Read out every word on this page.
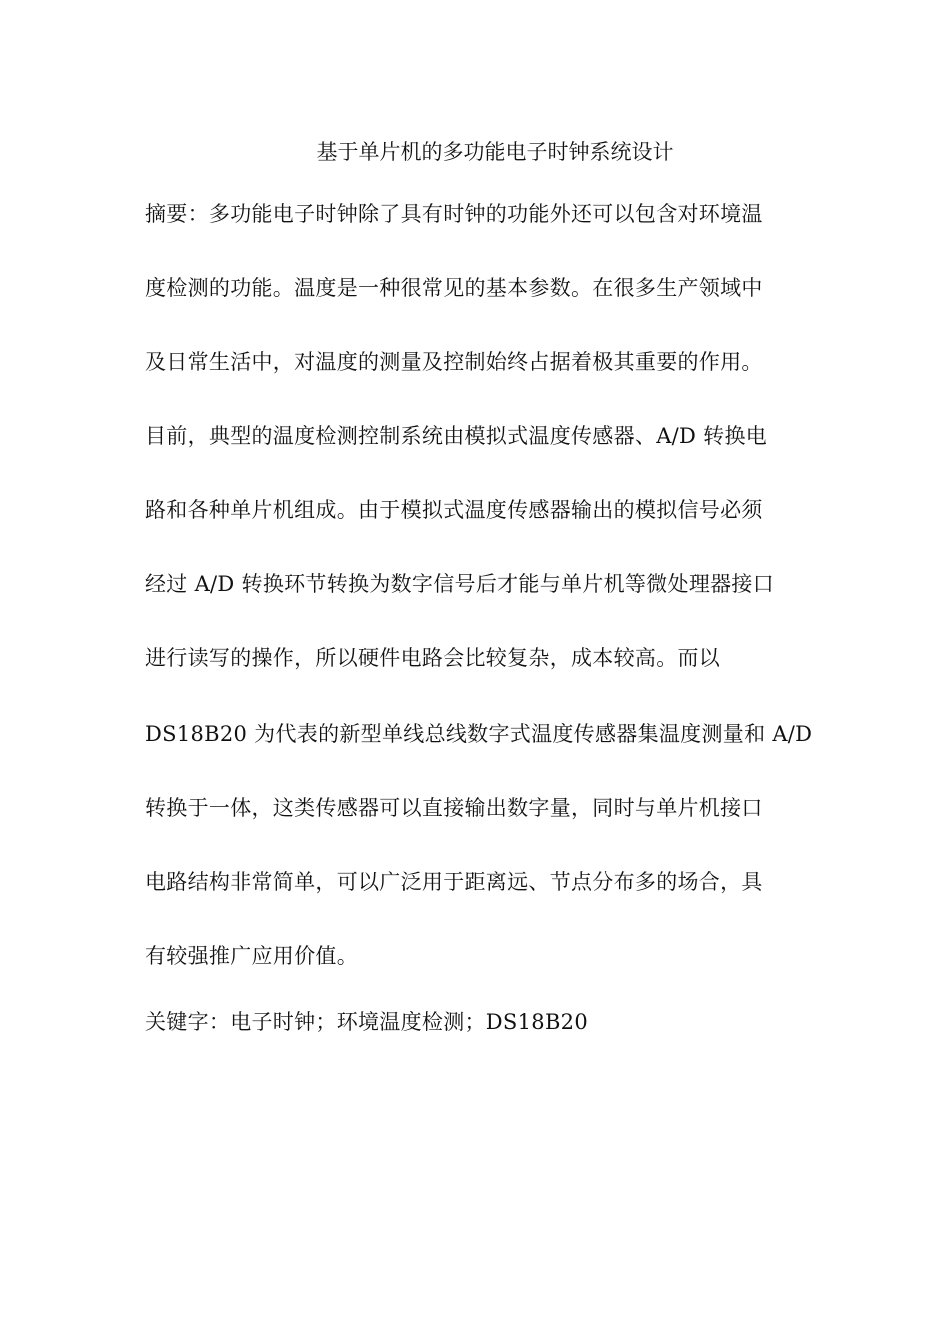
基于单片机的多功能电子时钟系统设计
摘要：多功能电子时钟除了具有时钟的功能外还可以包含对环境温
度检测的功能。温度是一种很常见的基本参数。在很多生产领域中
及日常生活中，对温度的测量及控制始终占据着极其重要的作用。
目前，典型的温度检测控制系统由模拟式温度传感器、A/D 转换电
路和各种单片机组成。由于模拟式温度传感器输出的模拟信号必须
经过 A/D 转换环节转换为数字信号后才能与单片机等微处理器接口
进行读写的操作，所以硬件电路会比较复杂，成本较高。而以
DS18B20 为代表的新型单线总线数字式温度传感器集温度测量和 A/D
转换于一体，这类传感器可以直接输出数字量，同时与单片机接口
电路结构非常简单，可以广泛用于距离远、节点分布多的场合，具
有较强推广应用价值。
关键字：电子时钟；环境温度检测；DS18B20
